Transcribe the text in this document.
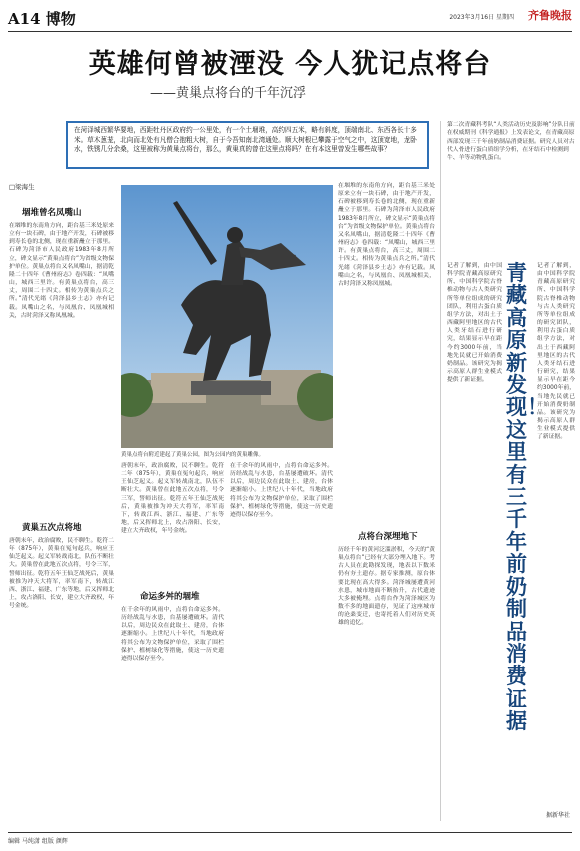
A14 博物	2023年3月16日 星期四 齐鲁晚报
英雄何曾被湮没 今人犹记点将台
——黄巢点将台的千年沉浮
在菏泽城西繁华要地，西距牡丹区政府约一公里处，有一个土堌堆，高约四五米，略有斜度，顶端南北、东西各长十多米。草木葱茏，北向而北处有凡僧合抱粗大树，自于今吾知南北湾通处。顺大树根已攀露于空气之中，这顶宽地，龙卧水，铁锈几分余桑，这里被称为黄巢点将台，那么，黄巢真的曾在这里点将吗？在有本这里曾发生哪些故事？
□梁海生
堌堆曾名凤嘴山
在堌堆的东南角方向，距台基三米处原来立有一块石碑，由于地产开发，石碑被移到寿长卷的北侧，现在重新矗立于那里。石碑为菏泽市人民政府1983年8月所立，碑文显示“黄巢点将台”为省级文物保护单位。黄巢点将台又名凤嘴山，据清乾隆二十四年《曹州府志》卷四载：“凤嘴山，城西三里许。有黄巢点将台，高三丈，周围二十四丈。相传为黄巢点兵之所。”清代光绪《菏泽县乡土志》亦有记载。凤嘴山之名，与凤凰台、凤凰城相关，古时菏泽又称凤凰城。
黄巢五次点将地
唐朝末年，政治腐败，民不聊生。乾符二年（875年），黄巢在冤句起兵，响应王仙芝起义。起义军转战南北，队伍不断壮大。黄巢曾在此地五次点将，号令三军，誓师出征。乾符五年王仙芝战死后，黄巢被推为冲天大将军，率军南下，转战江西、浙江、福建、广东等地，后又挥师北上，攻占洛阳、长安，建立大齐政权，年号金统。
黄巢点将台附近建起了黄巢公园，图为公园内的黄巢雕像。
唐朝末年，政治腐败，民不聊生。乾符二年（875年），黄巢在冤句起兵，响应王仙芝起义。起义军转战南北，队伍不断壮大。黄巢曾在此地五次点将，号令三军，誓师出征。乾符五年王仙芝战死后，黄巢被推为冲天大将军，率军南下，转战江西、浙江、福建、广东等地，后又挥师北上，攻占洛阳、长安，建立大齐政权，年号金统。
命运多舛的堌堆
在千余年的风雨中，点将台命运多舛。历经战乱与水患，台基屡遭破坏。清代以后，周边民众在此取土、建房，台体逐渐缩小。上世纪八十年代，当地政府将其公布为文物保护单位，采取了围栏保护、植树绿化等措施，使这一历史遗迹得以保存至今。
在千余年的风雨中，点将台命运多舛。历经战乱与水患，台基屡遭破坏。清代以后，周边民众在此取土、建房，台体逐渐缩小。上世纪八十年代，当地政府将其公布为文物保护单位，采取了围栏保护、植树绿化等措施，使这一历史遗迹得以保存至今。
在堌堆的东南角方向，距台基三米处原来立有一块石碑，由于地产开发，石碑被移到寿长卷的北侧，现在重新矗立于那里。石碑为菏泽市人民政府1983年8月所立，碑文显示“黄巢点将台”为省级文物保护单位。黄巢点将台又名凤嘴山，据清乾隆二十四年《曹州府志》卷四载：“凤嘴山，城西三里许。有黄巢点将台，高三丈，周围二十四丈。相传为黄巢点兵之所。”清代光绪《菏泽县乡土志》亦有记载。凤嘴山之名，与凤凰台、凤凰城相关，古时菏泽又称凤凰城。
点将台深埋地下
历经千年的黄河泛滥淤积，今天的“黄巢点将台”已经有大部分埋入地下。考古人员在此勘探发现，地表以下数米仍有夯土遗存。据专家推测，原台体要比现在高大得多。菏泽城屡遭黄河水患，城市地面不断抬升，古代遗迹大多被掩埋。点将台作为菏泽城区为数不多的地面遗存，见证了这座城市的沧桑变迁，也寄托着人们对历史英雄的追忆。
第二次青藏科考队“人类活动历史及影响”分队日前在权威期刊《科学通报》上发表论文，在青藏高原西部发现三千年前奶制品消费证据。研究人员对古代人骨进行蛋白质组学分析，在牙结石中检测到牛、羊等动物乳蛋白。
记者了解到，由中国科学院青藏高原研究所、中国科学院古脊椎动物与古人类研究所等单位组成的研究团队，利用古蛋白质组学方法，对出土于西藏阿里地区的古代人类牙结石进行研究，结果显示早在距今约3000年前，当地先民就已开始消费奶制品。该研究为揭示高原人群生业模式提供了新证据。
青藏高原新发现！这里有三千年前奶制品消费证据
记者了解到，由中国科学院青藏高原研究所、中国科学院古脊椎动物与古人类研究所等单位组成的研究团队，利用古蛋白质组学方法，对出土于西藏阿里地区的古代人类牙结石进行研究，结果显示早在距今约3000年前，当地先民就已开始消费奶制品。该研究为揭示高原人群生业模式提供了新证据。
据新华社
编辑 马纯潇 组版 颜辉
